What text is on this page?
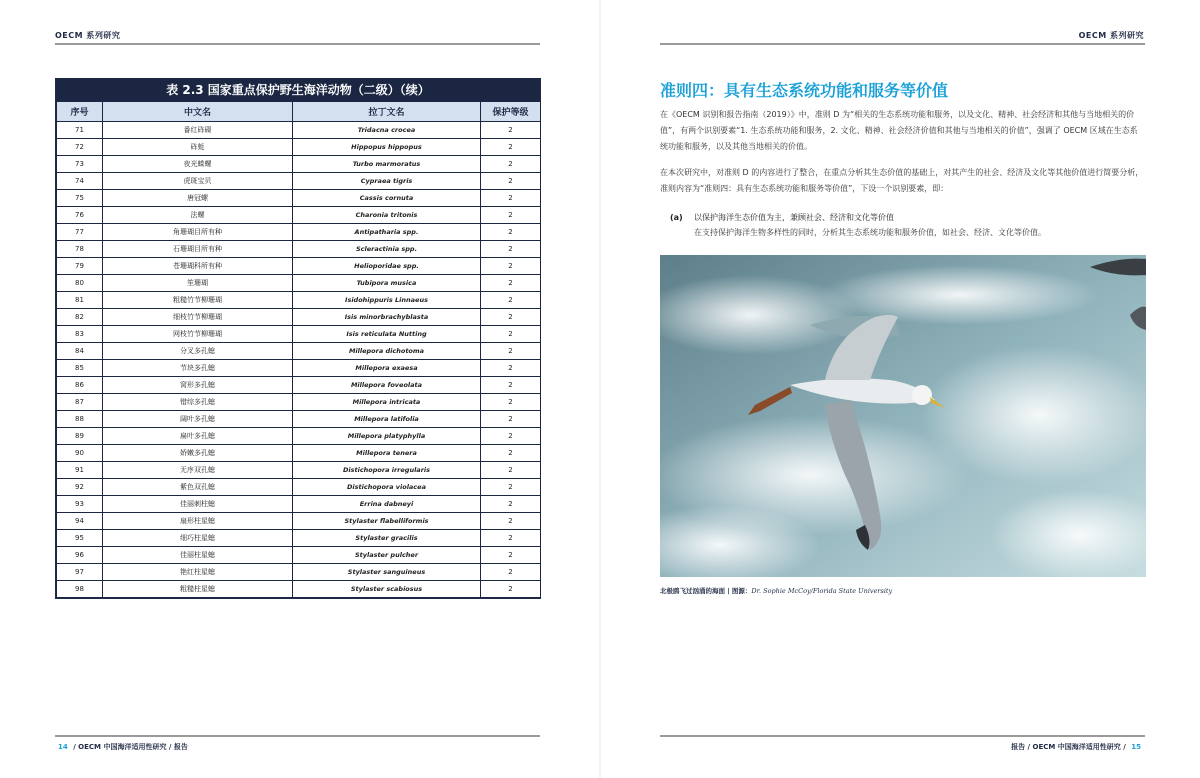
OECM 系列研究
表 2.3 国家重点保护野生海洋动物（二级）（续）
序号	中文名	拉丁文名	保护等级
71	番红砗磲	Tridacna crocea	2
72	砗蚝	Hippopus hippopus	2
73	夜光蝾螺	Turbo marmoratus	2
74	虎斑宝贝	Cypraea tigris	2
75	唐冠螺	Cassis cornuta	2
76	法螺	Charonia tritonis	2
77	角珊瑚目所有种	Antipatharia spp.	2
78	石珊瑚目所有种	Scleractinia spp.	2
79	苍珊瑚科所有种	Helioporidae spp.	2
80	笙珊瑚	Tubipora musica	2
81	粗糙竹节柳珊瑚	Isidohippuris Linnaeus	2
82	细枝竹节柳珊瑚	Isis minorbrachyblasta	2
83	网枝竹节柳珊瑚	Isis reticulata Nutting	2
84	分叉多孔螅	Millepora dichotoma	2
85	节块多孔螅	Millepora exaesa	2
86	窝形多孔螅	Millepora foveolata	2
87	错综多孔螅	Millepora intricata	2
88	阔叶多孔螅	Millepora latifolia	2
89	扁叶多孔螅	Millepora platyphylla	2
90	娇嫩多孔螅	Millepora tenera	2
91	无序双孔螅	Distichopora irregularis	2
92	紫色双孔螅	Distichopora violacea	2
93	佳丽刺柱螅	Errina dabneyi	2
94	扇形柱星螅	Stylaster flabelliformis	2
95	细巧柱星螅	Stylaster gracilis	2
96	佳丽柱星螅	Stylaster pulcher	2
97	艳红柱星螅	Stylaster sanguineus	2
98	粗糙柱星螅	Stylaster scabiosus	2
14 / OECM 中国海洋适用性研究 / 报告
OECM 系列研究
报告 / OECM 中国海洋适用性研究 / 15
准则四：具有生态系统功能和服务等价值
在《OECM 识别和报告指南（2019）》中，准则 D 为“相关的生态系统功能和服务，以及文化、精神、社会经济和其他与当地相关的价值”，有两个识别要素“1. 生态系统功能和服务，2. 文化、精神、社会经济价值和其他与当地相关的价值”，强调了 OECM 区域在生态系统功能和服务，以及其他当地相关的价值。
在本次研究中，对准则 D 的内容进行了整合，在重点分析其生态价值的基础上，对其产生的社会、经济及文化等其他价值进行简要分析，准则内容为“准则四：具有生态系统功能和服务等价值”，下设一个识别要素，即：
(a) 以保护海洋生态价值为主，兼顾社会、经济和文化等价值
在支持保护海洋生物多样性的同时，分析其生态系统功能和服务价值，如社会、经济、文化等价值。
北极鸥飞过汹涌的海面 | 图源：Dr. Sophie McCoy/Florida State University
